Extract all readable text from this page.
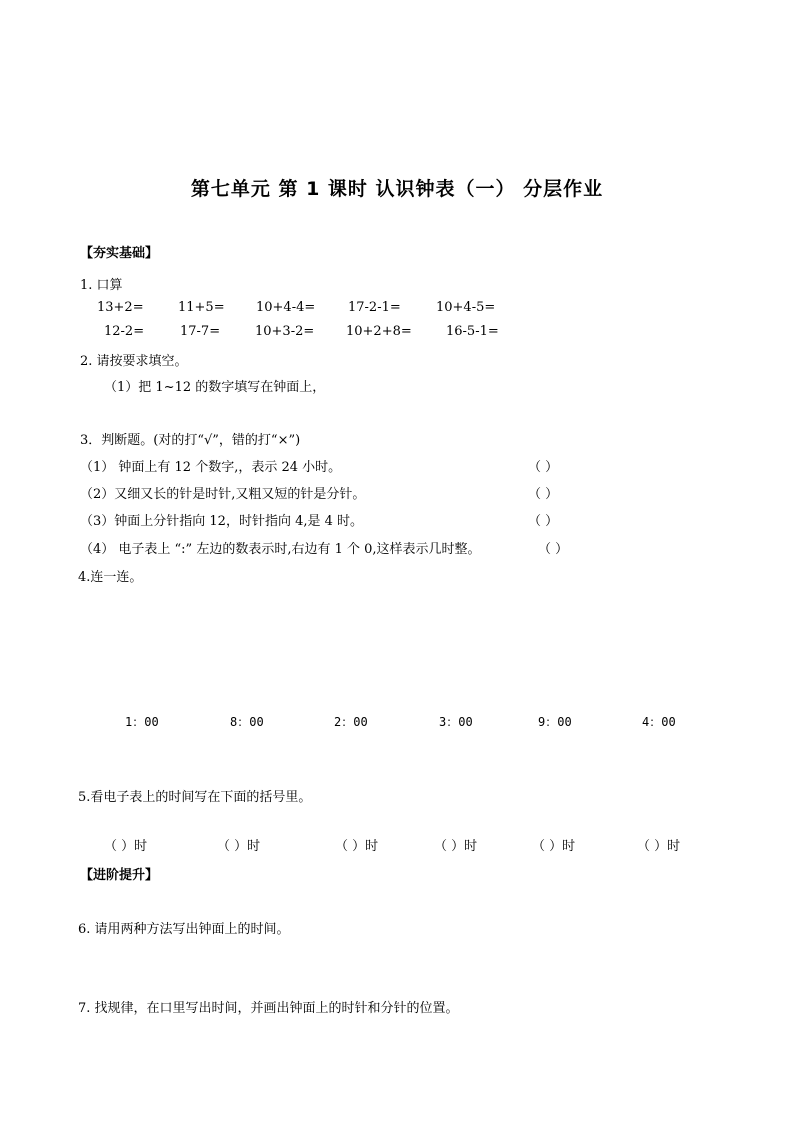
第七单元 第 1 课时 认识钟表（一） 分层作业
【夯实基础】
1. 口算
13+2=	11+5= 10+4-4=	17-2-1=	10+4-5=
12-2=	17-7=	10+3-2= 10+2+8=	16-5-1=
2. 请按要求填空。
（1）把 1~12 的数字填写在钟面上，
3．判断题。(对的打“√”，错的打“×”)
（1） 钟面上有 12 个数字,，表示 24 小时。	（ ）
（2）又细又长的针是时针,又粗又短的针是分针。	（ ）
（3）钟面上分针指向 12，时针指向 4,是 4 时。	（ ）
（4） 电子表上 “:” 左边的数表示时,右边有 1 个 0,这样表示几时整。	（ ）
4.连一连。
1：00	8：00	2：00	3：00	9：00	4：00
5.看电子表上的时间写在下面的括号里。
（ ）时	（ ）时	（ ）时	（ ）时	（ ）时	（ ）时
【进阶提升】
6. 请用两种方法写出钟面上的时间。
7. 找规律，在口里写出时间，并画出钟面上的时针和分针的位置。
